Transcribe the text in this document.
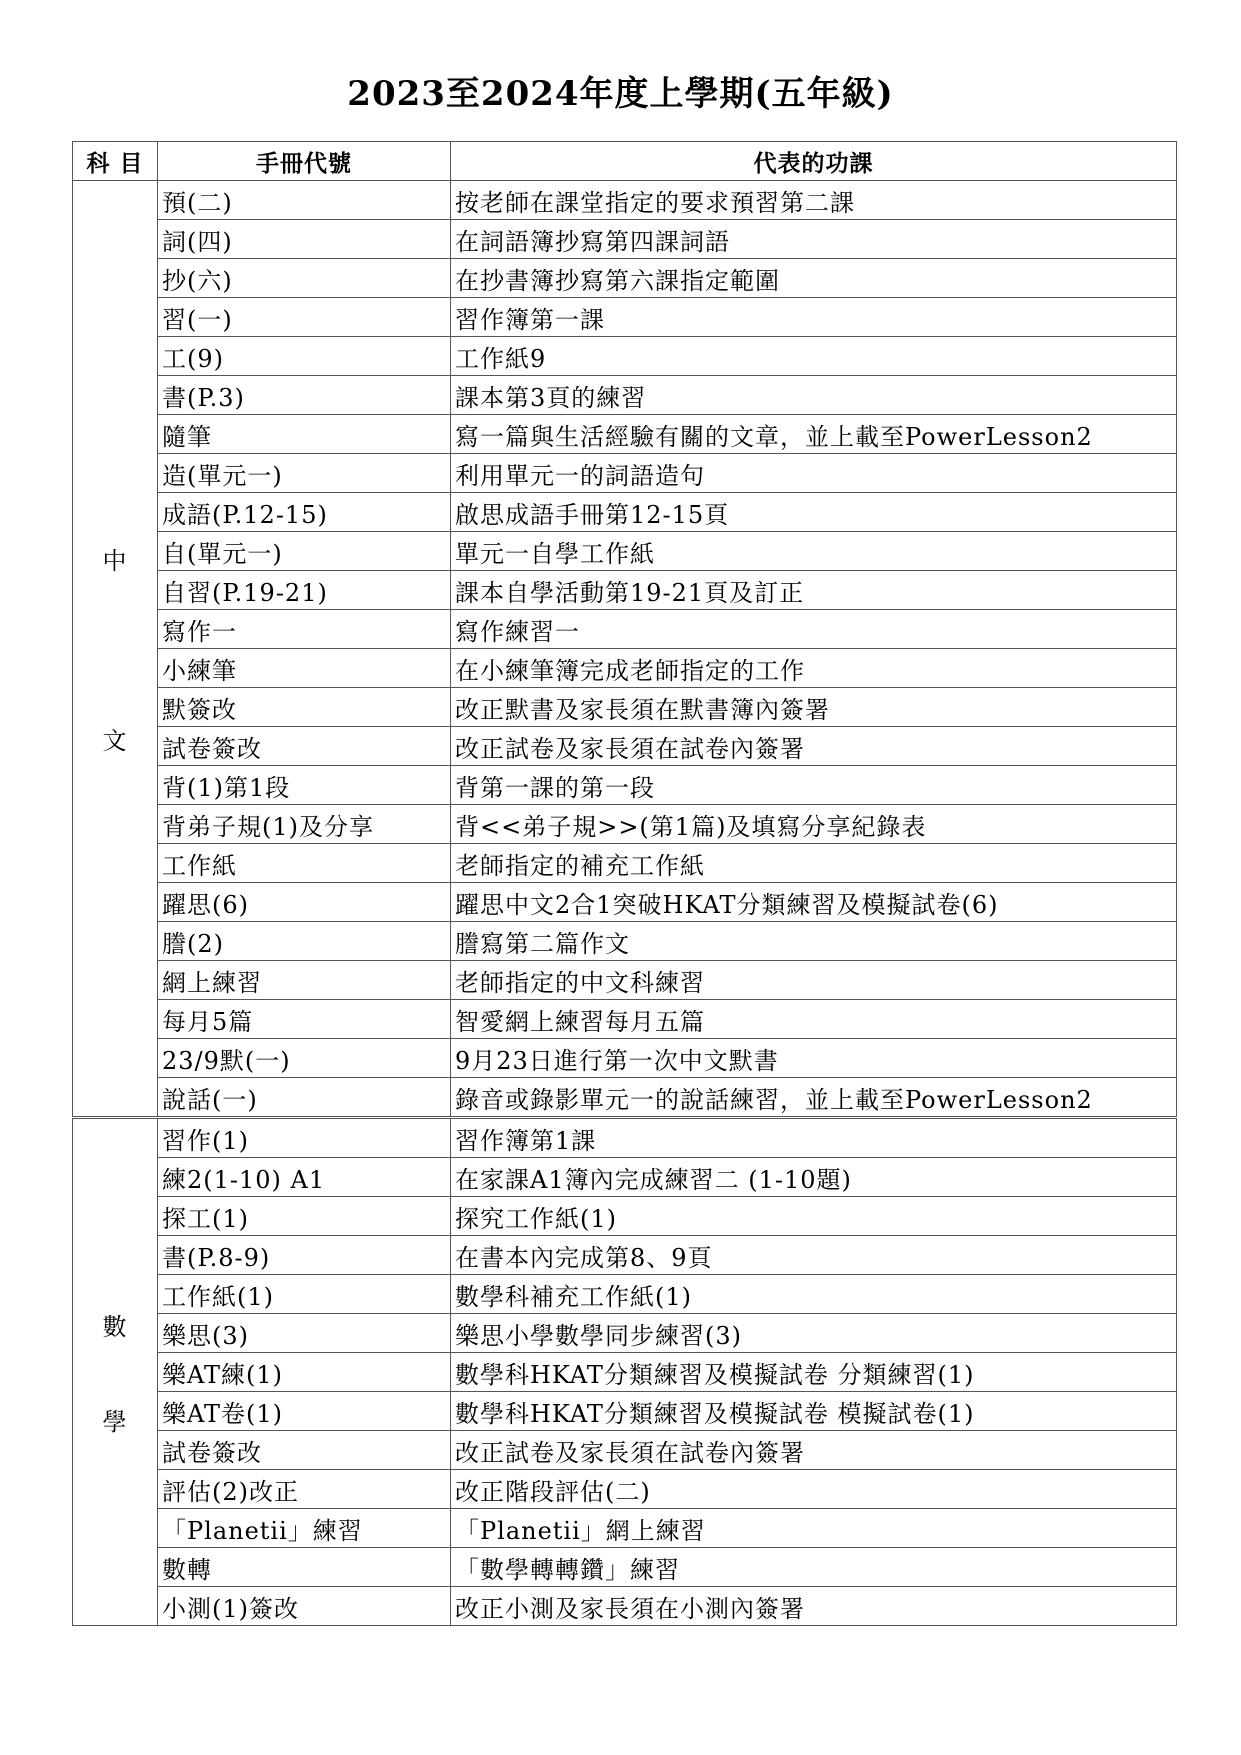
2023至2024年度上學期(五年級)
科 目	手冊代號	代表的功課

中
文	預(二)	按老師在課堂指定的要求預習第二課
	詞(四)	在詞語簿抄寫第四課詞語
	抄(六)	在抄書簿抄寫第六課指定範圍
	習(一)	習作簿第一課
	工(9)	工作紙9
	書(P.3)	課本第3頁的練習
	隨筆	寫一篇與生活經驗有關的文章，並上載至PowerLesson2
	造(單元一)	利用單元一的詞語造句
	成語(P.12-15)	啟思成語手冊第12-15頁
	自(單元一)	單元一自學工作紙
	自習(P.19-21)	課本自學活動第19-21頁及訂正
	寫作一	寫作練習一
	小練筆	在小練筆簿完成老師指定的工作
	默簽改	改正默書及家長須在默書簿內簽署
	試卷簽改	改正試卷及家長須在試卷內簽署
	背(1)第1段	背第一課的第一段
	背弟子規(1)及分享	背<<弟子規>>(第1篇)及填寫分享紀錄表
	工作紙	老師指定的補充工作紙
	躍思(6)	躍思中文2合1突破HKAT分類練習及模擬試卷(6)
	謄(2)	謄寫第二篇作文
	網上練習	老師指定的中文科練習
	每月5篇	智愛網上練習每月五篇
	23/9默(一)	9月23日進行第一次中文默書
	說話(一)	錄音或錄影單元一的說話練習，並上載至PowerLesson2

數
學	習作(1)	習作簿第1課
	練2(1-10) A1	在家課A1簿內完成練習二 (1-10題)
	探工(1)	探究工作紙(1)
	書(P.8-9)	在書本內完成第8、9頁
	工作紙(1)	數學科補充工作紙(1)
	樂思(3)	樂思小學數學同步練習(3)
	樂AT練(1)	數學科HKAT分類練習及模擬試卷 分類練習(1)
	樂AT卷(1)	數學科HKAT分類練習及模擬試卷 模擬試卷(1)
	試卷簽改	改正試卷及家長須在試卷內簽署
	評估(2)改正	改正階段評估(二)
	「Planetii」練習	「Planetii」網上練習
	數轉	「數學轉轉鑽」練習
	小測(1)簽改	改正小測及家長須在小測內簽署
